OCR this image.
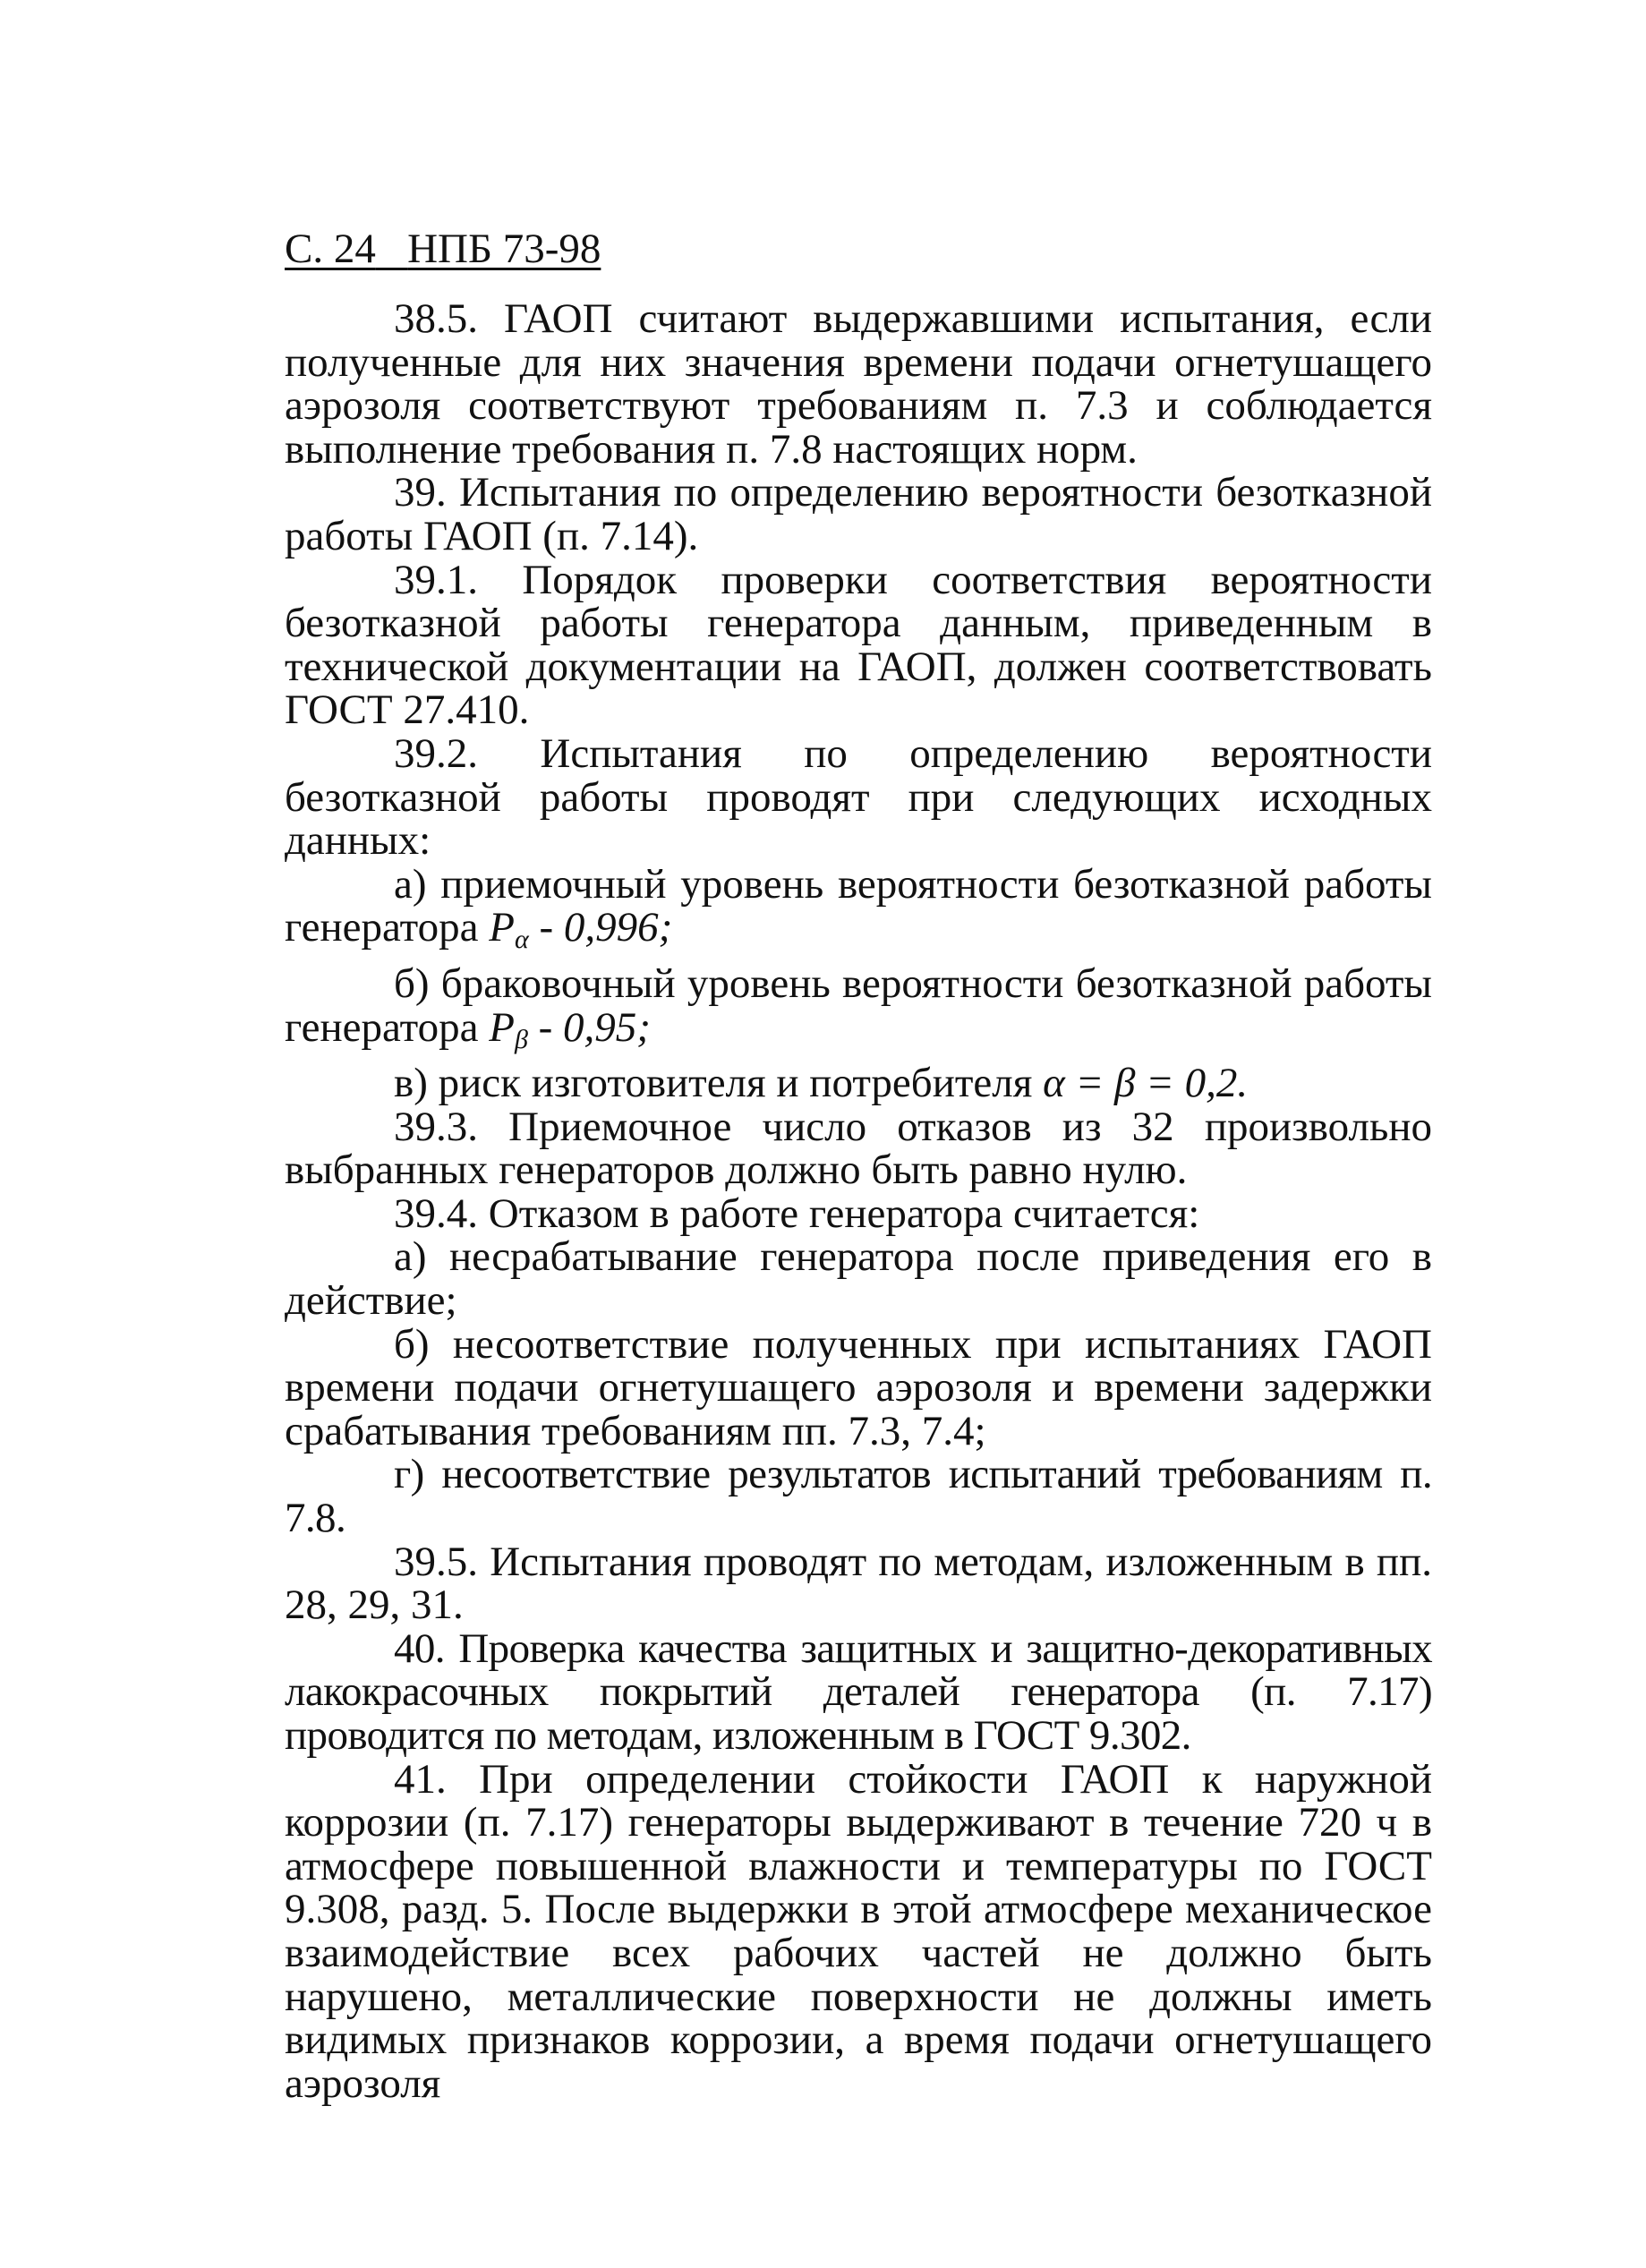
С. 24 НПБ 73-98

38.5. ГАОП считают выдержавшими испытания, если полученные для них значения времени подачи огнетушащего аэрозоля соответствуют требованиям п. 7.3 и соблюдается выполнение требования п. 7.8 настоящих норм.

39. Испытания по определению вероятности безотказной работы ГАОП (п. 7.14).

39.1. Порядок проверки соответствия вероятности безотказной работы генератора данным, приведенным в технической документации на ГАОП, должен соответствовать ГОСТ 27.410.

39.2. Испытания по определению вероятности безотказной работы проводят при следующих исходных данных:

а) приемочный уровень вероятности безотказной работы генератора $P_\alpha - 0,996$;

б) браковочный уровень вероятности безотказной работы генератора $P_\beta - 0,95$;

в) риск изготовителя и потребителя α = β = 0,2.

39.3. Приемочное число отказов из 32 произвольно выбранных генераторов должно быть равно нулю.

39.4. Отказом в работе генератора считается:

а) несрабатывание генератора после приведения его в действие;

б) несоответствие полученных при испытаниях ГАОП времени подачи огнетушащего аэрозоля и времени задержки срабатывания требованиям пп. 7.3, 7.4;

г) несоответствие результатов испытаний требованиям п. 7.8.

39.5. Испытания проводят по методам, изложенным в пп. 28, 29, 31.

40. Проверка качества защитных и защитно-декоративных лакокрасочных покрытий деталей генератора (п. 7.17) проводится по методам, изложенным в ГОСТ 9.302.

41. При определении стойкости ГАОП к наружной коррозии (п. 7.17) генераторы выдерживают в течение 720 ч в атмосфере повышенной влажности и температуры по ГОСТ 9.308, разд. 5. После выдержки в этой атмосфере механическое взаимодействие всех рабочих частей не должно быть нарушено, металлические поверхности не должны иметь видимых признаков коррозии, а время подачи огнетушащего аэрозоля
